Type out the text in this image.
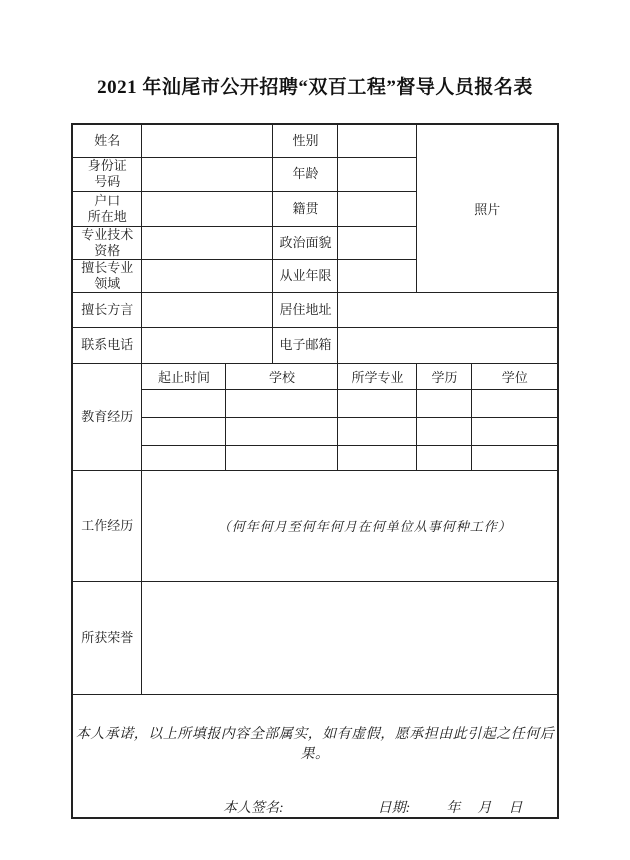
2021 年汕尾市公开招聘“双百工程”督导人员报名表
姓名			性别		照片	

身份证
号码			年龄			

户口
所在地			籍贯			

专业技术
资格			政治面貌			

擅长专业
领域			从业年限			

擅长方言			居住地址			

联系电话			电子邮箱			

教育经历	起止时间	学校		所学专业	学历	学位

工作经历	（何年何月至何年何月在何单位从事何种工作）					
所获荣誉						

本人承诺，以上所填报内容全部属实，如有虚假，愿承担由此引起之任何后果。
本人签名:	日期:	年 月 日
